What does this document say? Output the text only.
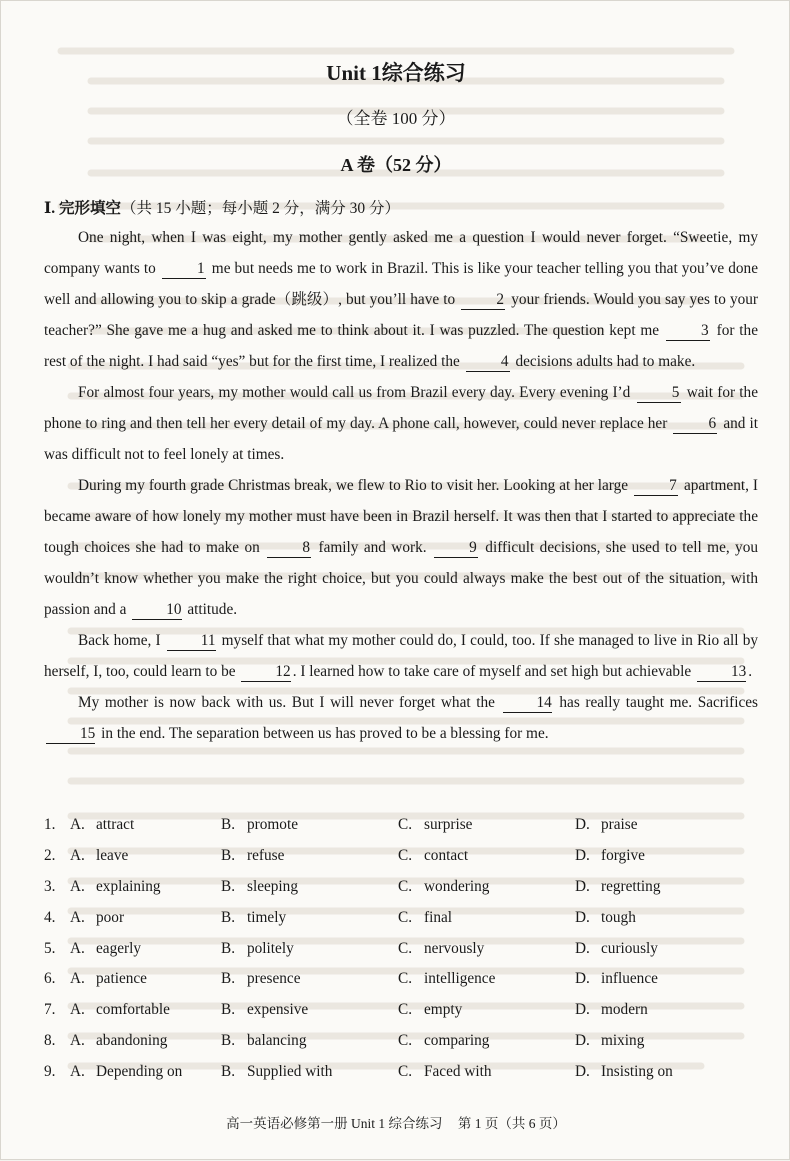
Unit 1综合练习
（全卷 100 分）
A 卷（52 分）
Ⅰ. 完形填空（共 15 小题；每小题 2 分，满分 30 分）

One night, when I was eight, my mother gently asked me a question I would never forget. “Sweetie, my company wants to 1 me but needs me to work in Brazil. This is like your teacher telling you that you’ve done well and allowing you to skip a grade（跳级）, but you’ll have to 2 your friends. Would you say yes to your teacher?” She gave me a hug and asked me to think about it. I was puzzled. The question kept me 3 for the rest of the night. I had said “yes” but for the first time, I realized the 4 decisions adults had to make.

For almost four years, my mother would call us from Brazil every day. Every evening I’d 5 wait for the phone to ring and then tell her every detail of my day. A phone call, however, could never replace her 6 and it was difficult not to feel lonely at times.

During my fourth grade Christmas break, we flew to Rio to visit her. Looking at her large 7 apartment, I became aware of how lonely my mother must have been in Brazil herself. It was then that I started to appreciate the tough choices she had to make on 8 family and work. 9 difficult decisions, she used to tell me, you wouldn’t know whether you make the right choice, but you could always make the best out of the situation, with passion and a 10 attitude.

Back home, I 11 myself that what my mother could do, I could, too. If she managed to live in Rio all by herself, I, too, could learn to be 12 . I learned how to take care of myself and set high but achievable 13 .

My mother is now back with us. But I will never forget what the 14 has really taught me. Sacrifices 15 in the end. The separation between us has proved to be a blessing for me.

1. A. attract	B. promote	C. surprise	D. praise
2. A. leave	B. refuse	C. contact	D. forgive
3. A. explaining	B. sleeping	C. wondering	D. regretting
4. A. poor	B. timely	C. final	D. tough
5. A. eagerly	B. politely	C. nervously	D. curiously
6. A. patience	B. presence	C. intelligence	D. influence
7. A. comfortable	B. expensive	C. empty	D. modern
8. A. abandoning	B. balancing	C. comparing	D. mixing
9. A. Depending on	B. Supplied with	C. Faced with	D. Insisting on
高一英语必修第一册 Unit 1 综合练习 第 1 页（共 6 页）
